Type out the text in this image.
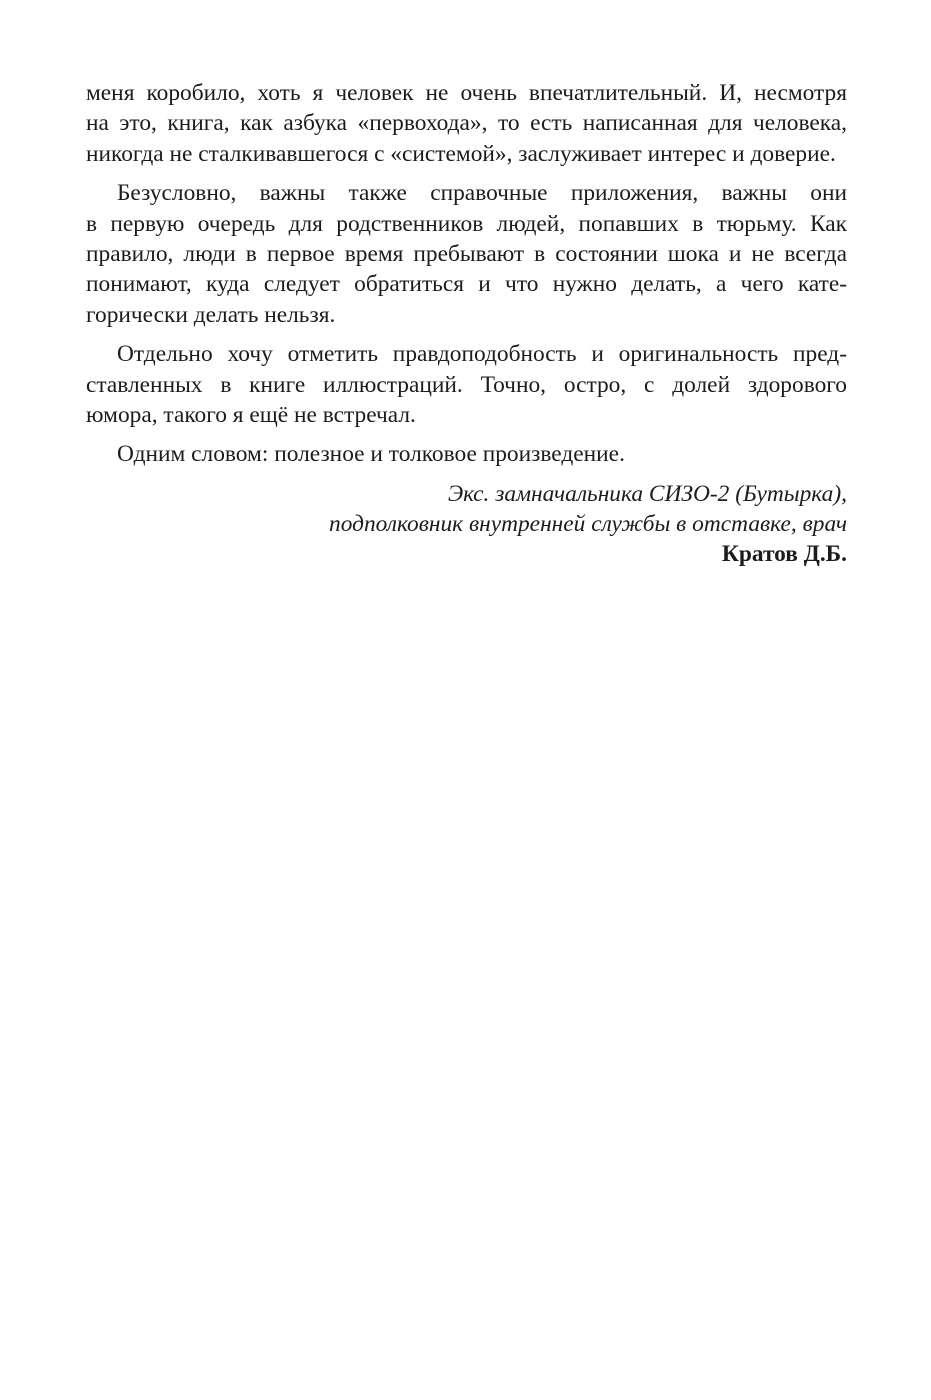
меня коробило, хоть я человек не очень впечатлительный. И, несмотря
на это, книга, как азбука «первохода», то есть написанная для человека,
никогда не сталкивавшегося с «системой», заслуживает интерес и доверие.
Безусловно, важны также справочные приложения, важны они
в первую очередь для родственников людей, попавших в тюрьму. Как
правило, люди в первое время пребывают в состоянии шока и не всегда
понимают, куда следует обратиться и что нужно делать, а чего кате-
горически делать нельзя.
Отдельно хочу отметить правдоподобность и оригинальность пред-
ставленных в книге иллюстраций. Точно, остро, с долей здорового
юмора, такого я ещё не встречал.
Одним словом: полезное и толковое произведение.
Экс. замначальника СИЗО-2 (Бутырка),
подполковник внутренней службы в отставке, врач
Кратов Д.Б.
